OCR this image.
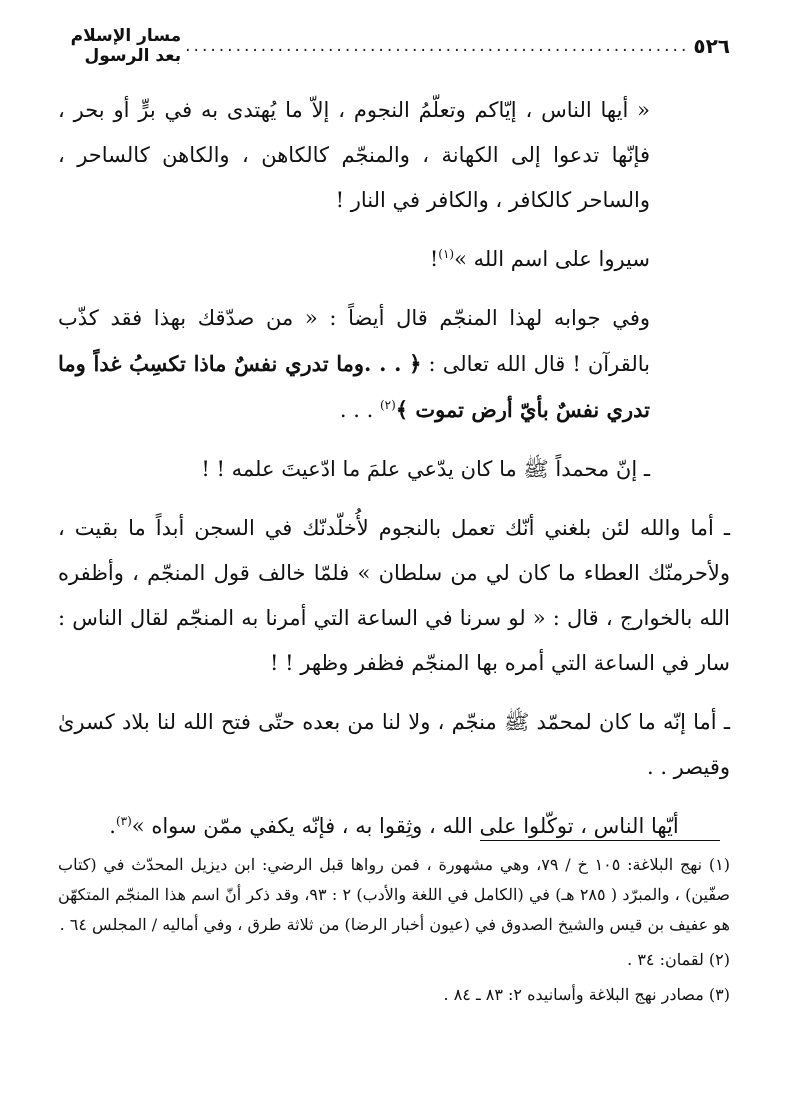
٥٢٦
............................................................
مسار الإسلام بعد الرسول

« أيها الناس ، إيّاكم وتعلّمُ النجوم ، إلاّ ما يُهتدى به في برٍّ أو بحر ، فإنّها تدعوا إلى الكهانة ، والمنجّم كالكاهن ، والكاهن كالساحر ، والساحر كالكافر ، والكافر في النار !

سيروا على اسم الله »$^{(١)}$!

وفي جوابه لهذا المنجّم قال أيضاً : « من صدّقك بهذا فقد كذّب بالقرآن ! قال الله تعالى : ﴿ . . .وما تدري نفسٌ ماذا تكسِبُ غداً وما تدري نفسٌ بأيّ أرض تموت ﴾$^{(٢)}$ . . .

ـ إنّ محمداً ﷺ ما كان يدّعي علمَ ما ادّعيتَ علمه ! !

ـ أما والله لئن بلغني أنّك تعمل بالنجوم لأُخلّدنّك في السجن أبداً ما بقيت ، ولأحرمنّك العطاء ما كان لي من سلطان » فلمّا خالف قول المنجّم ، وأظفره الله بالخوارج ، قال : « لو سرنا في الساعة التي أمرنا به المنجّم لقال الناس : سار في الساعة التي أمره بها المنجّم فظفر وظهر ! !

ـ أما إنّه ما كان لمحمّد ﷺ منجّم ، ولا لنا من بعده حتّى فتح الله لنا بلاد كسرىٰ وقيصر . .

أيّها الناس ، توكّلوا على الله ، وثِقوا به ، فإنّه يكفي ممّن سواه »$^{(٣)}$.

(١) نهج البلاغة: ١٠٥ خ / ٧٩، وهي مشهورة ، فمن رواها قبل الرضي: ابن ديزيل المحدّث في (كتاب صفّين) ، والمبرّد ( ٢٨٥ هـ) في (الكامل في اللغة والأدب) ٢ : ٩٣، وقد ذكر أنّ اسم هذا المنجّم المتكهّن هو عفيف بن قيس والشيخ الصدوق في (عيون أخبار الرضا) من ثلاثة طرق ، وفي أماليه / المجلس ٦٤ .

(٢) لقمان: ٣٤ .

(٣) مصادر نهج البلاغة وأسانيده ٢: ٨٣ ـ ٨٤ .
